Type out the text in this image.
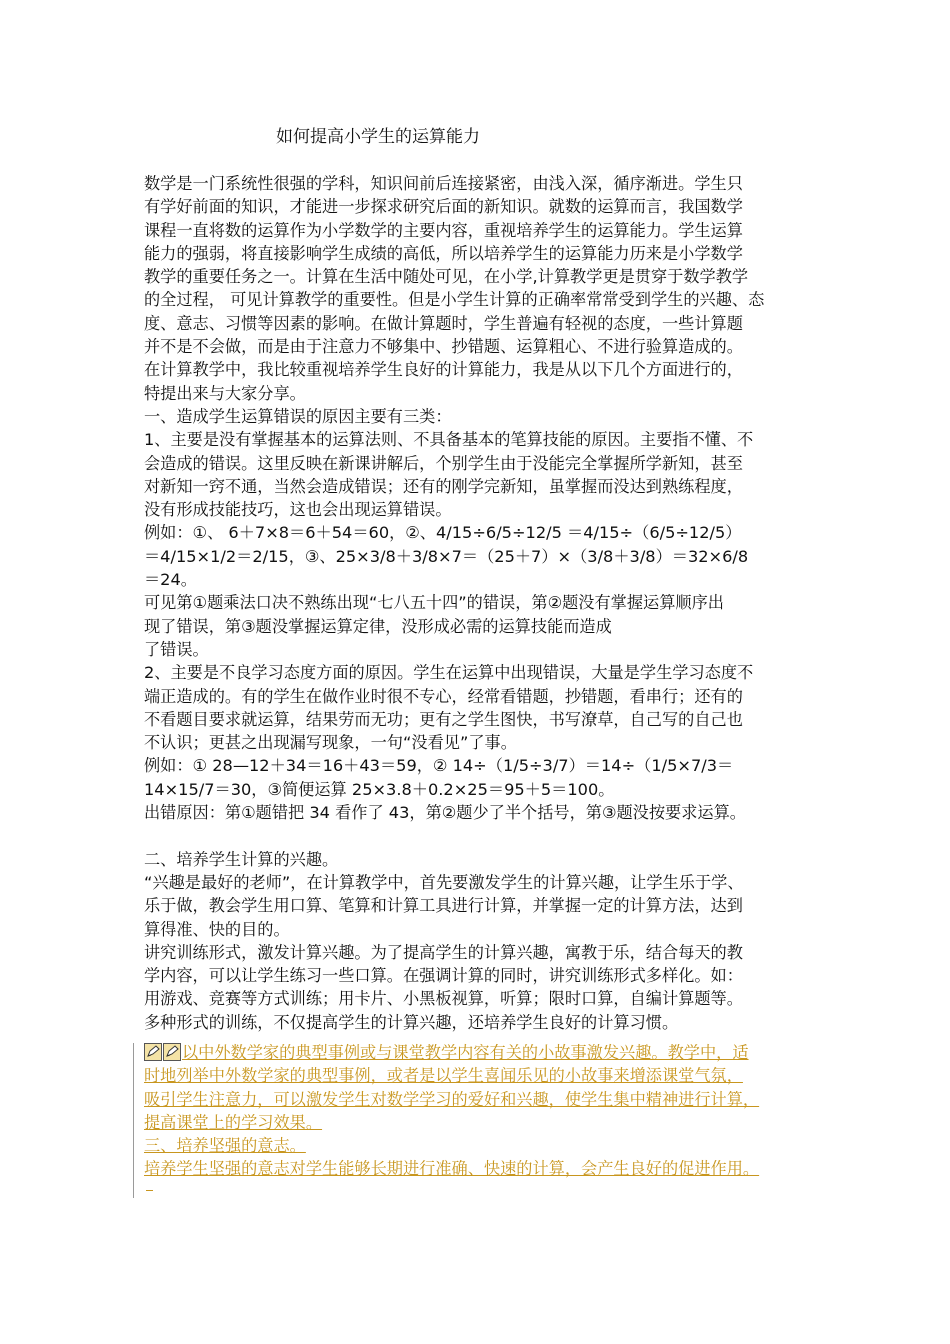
如何提高小学生的运算能力
数学是一门系统性很强的学科，知识间前后连接紧密，由浅入深，循序渐进。学生只
有学好前面的知识，才能进一步探求研究后面的新知识。就数的运算而言，我国数学
课程一直将数的运算作为小学数学的主要内容，重视培养学生的运算能力。学生运算
能力的强弱，将直接影响学生成绩的高低，所以培养学生的运算能力历来是小学数学
教学的重要任务之一。计算在生活中随处可见，在小学,计算教学更是贯穿于数学教学
的全过程， 可见计算教学的重要性。但是小学生计算的正确率常常受到学生的兴趣、态
度、意志、习惯等因素的影响。在做计算题时，学生普遍有轻视的态度，一些计算题
并不是不会做，而是由于注意力不够集中、抄错题、运算粗心、不进行验算造成的。
在计算教学中，我比较重视培养学生良好的计算能力，我是从以下几个方面进行的，
特提出来与大家分享。
一、造成学生运算错误的原因主要有三类：
1、主要是没有掌握基本的运算法则、不具备基本的笔算技能的原因。主要指不懂、不
会造成的错误。这里反映在新课讲解后，个别学生由于没能完全掌握所学新知，甚至
对新知一窍不通，当然会造成错误；还有的刚学完新知，虽掌握而没达到熟练程度，
没有形成技能技巧，这也会出现运算错误。
例如：①、 6＋7×8＝6＋54＝60，②、4/15÷6/5÷12/5 ＝4/15÷（6/5÷12/5）
＝4/15×1/2＝2/15，③、25×3/8＋3/8×7＝（25＋7）×（3/8＋3/8）＝32×6/8
＝24。
可见第①题乘法口决不熟练出现“七八五十四”的错误，第②题没有掌握运算顺序出
现了错误，第③题没掌握运算定律，没形成必需的运算技能而造成
了错误。
2、主要是不良学习态度方面的原因。学生在运算中出现错误，大量是学生学习态度不
端正造成的。有的学生在做作业时很不专心，经常看错题，抄错题，看串行；还有的
不看题目要求就运算，结果劳而无功；更有之学生图快，书写潦草，自己写的自己也
不认识；更甚之出现漏写现象，一句“没看见”了事。
例如：① 28—12＋34＝16＋43＝59，② 14÷（1/5÷3/7）＝14÷（1/5×7/3＝
14×15/7＝30，③简便运算 25×3.8＋0.2×25＝95＋5＝100。
出错原因：第①题错把 34 看作了 43，第②题少了半个括号，第③题没按要求运算。
二、培养学生计算的兴趣。
“兴趣是最好的老师”，在计算教学中，首先要激发学生的计算兴趣，让学生乐于学、
乐于做，教会学生用口算、笔算和计算工具进行计算，并掌握一定的计算方法，达到
算得准、快的目的。
讲究训练形式，激发计算兴趣。为了提高学生的计算兴趣，寓教于乐，结合每天的教
学内容，可以让学生练习一些口算。在强调计算的同时，讲究训练形式多样化。如：
用游戏、竞赛等方式训练；用卡片、小黑板视算，听算；限时口算，自编计算题等。
多种形式的训练，不仅提高学生的计算兴趣，还培养学生良好的计算习惯。
以中外数学家的典型事例或与课堂教学内容有关的小故事激发兴趣。教学中，适
时地列举中外数学家的典型事例，或者是以学生喜闻乐见的小故事来增添课堂气氛，
吸引学生注意力，可以激发学生对数学学习的爱好和兴趣，使学生集中精神进行计算，
提高课堂上的学习效果。
三、培养坚强的意志。
培养学生坚强的意志对学生能够长期进行准确、快速的计算，会产生良好的促进作用。
